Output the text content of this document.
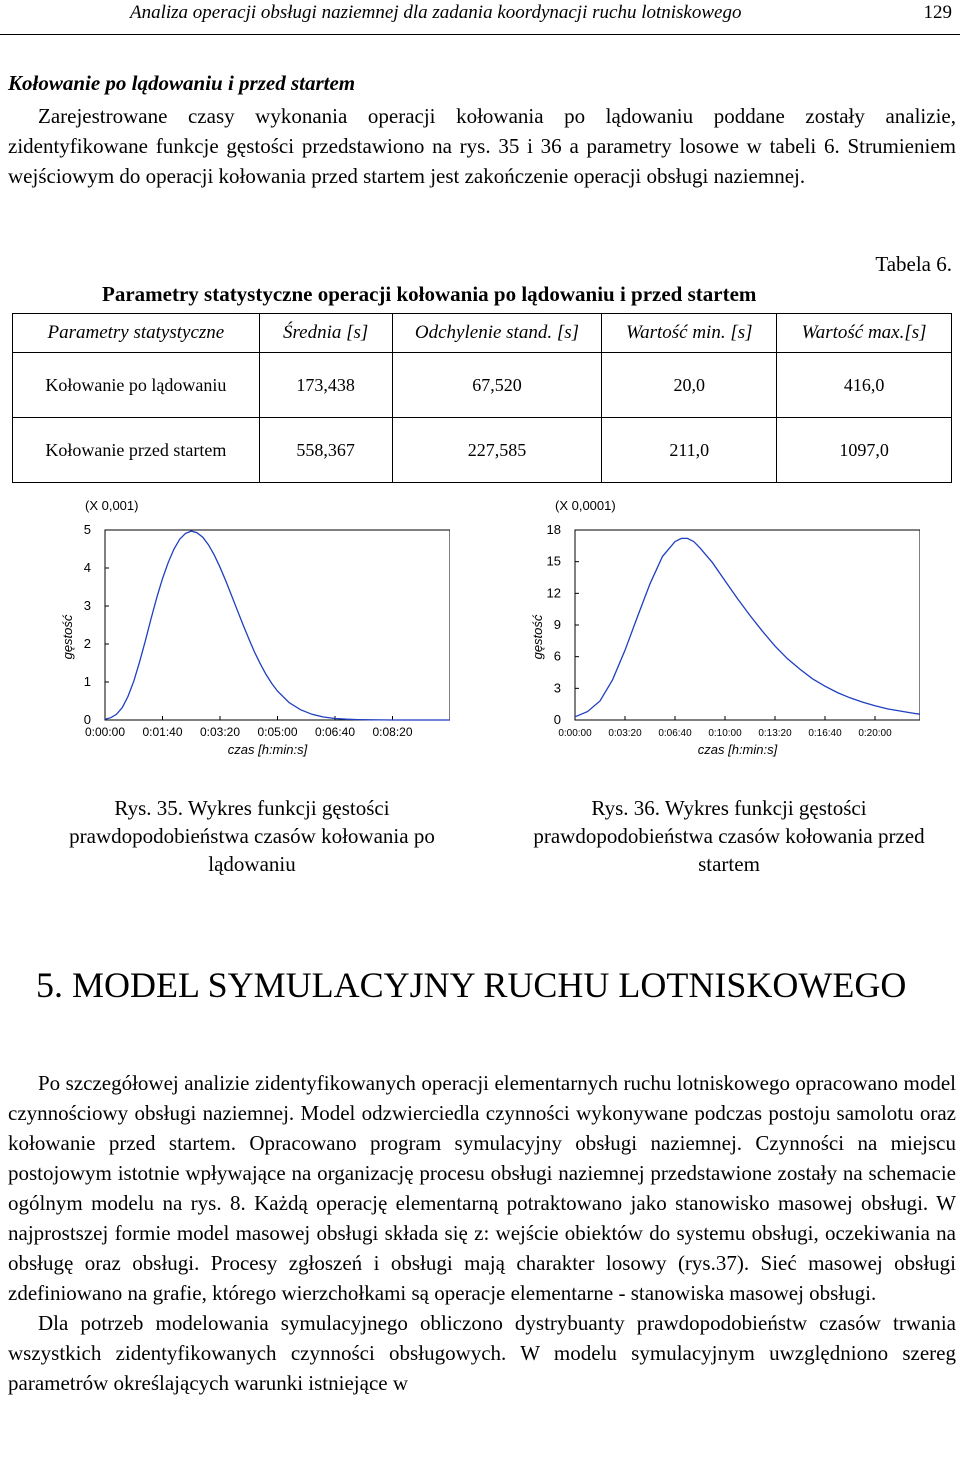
Analiza operacji obsługi naziemnej dla zadania koordynacji ruchu lotniskowego	129
Kołowanie po lądowaniu i przed startem

Zarejestrowane czasy wykonania operacji kołowania po lądowaniu poddane zostały analizie, zidentyfikowane funkcje gęstości przedstawiono na rys. 35 i 36 a parametry losowe w tabeli 6. Strumieniem wejściowym do operacji kołowania przed startem jest zakończenie operacji obsługi naziemnej.

Tabela 6.
Parametry statystyczne operacji kołowania po lądowaniu i przed startem
Parametry statystyczne	Średnia [s]	Odchylenie stand. [s]	Wartość min. [s]	Wartość max.[s]
Kołowanie po lądowaniu	173,438	67,520	20,0	416,0
Kołowanie przed startem	558,367	227,585	211,0	1097,0
(X 0,001)
0
1
2
3
4
5
0:00:00 0:01:40 0:03:20 0:05:00 0:06:40 0:08:20
czas [h:min:s]
gęstość
(X 0,0001)
0
3
6
9
12
15
18
0:00:00 0:03:20 0:06:40 0:10:00 0:13:20 0:16:40 0:20:00
czas [h:min:s]
gęstość
Rys. 35. Wykres funkcji gęstości prawdopodobieństwa czasów kołowania po lądowaniu
Rys. 36. Wykres funkcji gęstości prawdopodobieństwa czasów kołowania przed startem
5. MODEL SYMULACYJNY RUCHU LOTNISKOWEGO

Po szczegółowej analizie zidentyfikowanych operacji elementarnych ruchu lotniskowego opracowano model czynnościowy obsługi naziemnej. Model odzwierciedla czynności wykonywane podczas postoju samolotu oraz kołowanie przed startem. Opracowano program symulacyjny obsługi naziemnej. Czynności na miejscu postojowym istotnie wpływające na organizację procesu obsługi naziemnej przedstawione zostały na schemacie ogólnym modelu na rys. 8. Każdą operację elementarną potraktowano jako stanowisko masowej obsługi. W najprostszej formie model masowej obsługi składa się z: wejście obiektów do systemu obsługi, oczekiwania na obsługę oraz obsługi. Procesy zgłoszeń i obsługi mają charakter losowy (rys.37). Sieć masowej obsługi zdefiniowano na grafie, którego wierzchołkami są operacje elementarne - stanowiska masowej obsługi.

Dla potrzeb modelowania symulacyjnego obliczono dystrybuanty prawdopodobieństw czasów trwania wszystkich zidentyfikowanych czynności obsługowych. W modelu symulacyjnym uwzględniono szereg parametrów określających warunki istniejące w
